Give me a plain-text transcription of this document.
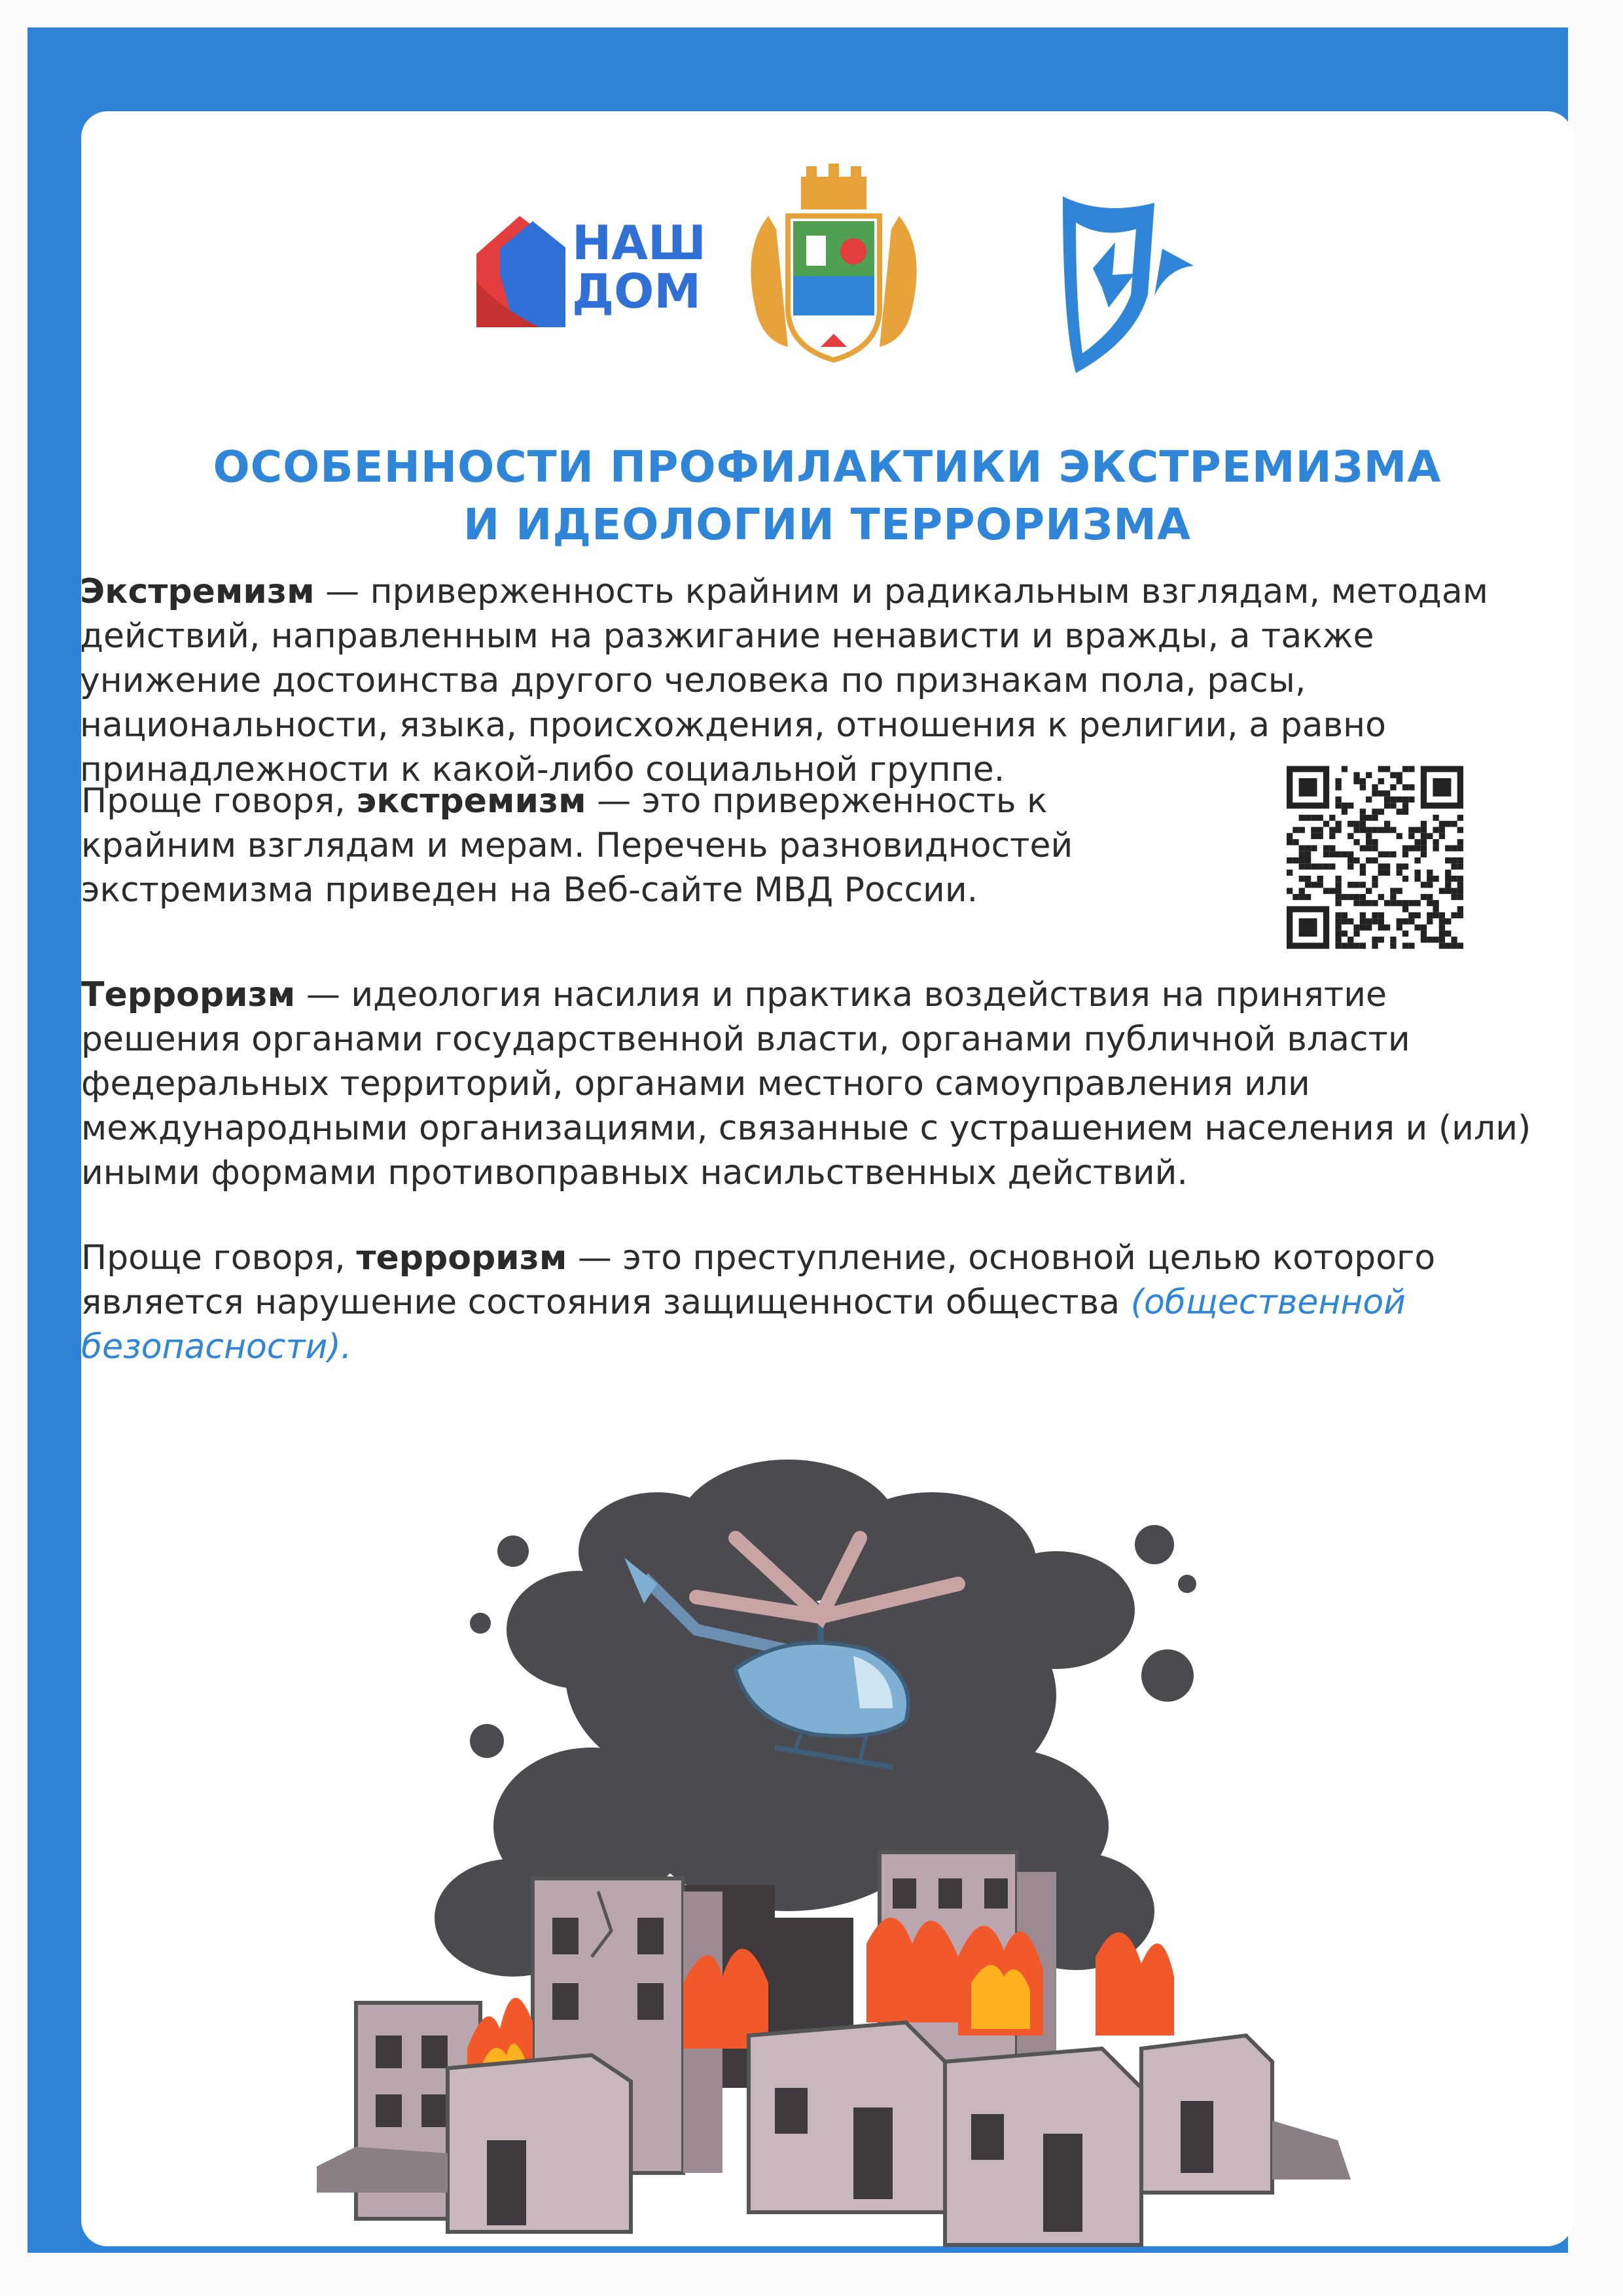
НАШ
ДОМ
ОСОБЕННОСТИ ПРОФИЛАКТИКИ ЭКСТРЕМИЗМА
И ИДЕОЛОГИИ ТЕРРОРИЗМА

Экстремизм — приверженность крайним и радикальным взглядам, методам действий, направленным на разжигание ненависти и вражды, а также унижение достоинства другого человека по признакам пола, расы, национальности, языка, происхождения, отношения к религии, а равно принадлежности к какой-либо социальной группе.

Проще говоря, экстремизм — это приверженность к крайним взглядам и мерам. Перечень разновидностей экстремизма приведен на Веб-сайте МВД России.

Терроризм — идеология насилия и практика воздействия на принятие решения органами государственной власти, органами публичной власти федеральных территорий, органами местного самоуправления или международными организациями, связанные с устрашением населения и (или) иными формами противоправных насильственных действий.

Проще говоря, терроризм — это преступление, основной целью которого является нарушение состояния защищенности общества (общественной безопасности).
